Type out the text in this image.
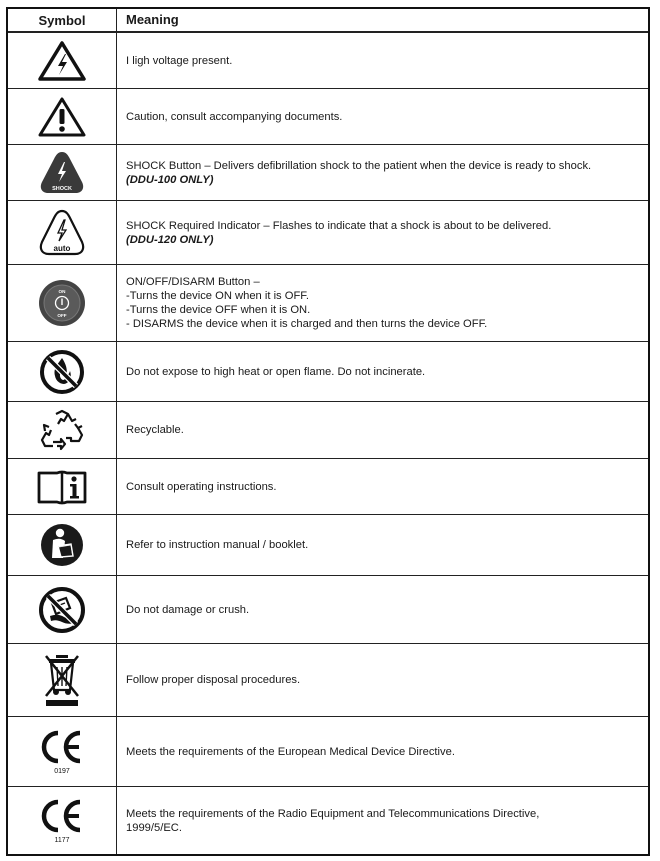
Symbol	Meaning
I ligh voltage present.
Caution, consult accompanying documents.
SHOCK
SHOCK Button – Delivers defibrillation shock to the patient when the device is ready to shock.
(DDU-100 ONLY)
auto
SHOCK Required Indicator – Flashes to indicate that a shock is about to be delivered.
(DDU-120 ONLY)
ON
OFF
ON/OFF/DISARM Button –
-Turns the device ON when it is OFF.
-Turns the device OFF when it is ON.
- DISARMS the device when it is charged and then turns the device OFF.
Do not expose to high heat or open flame. Do not incinerate.
Recyclable.
Consult operating instructions.
Refer to instruction manual / booklet.
Do not damage or crush.
Follow proper disposal procedures.
0197
Meets the requirements of the European Medical Device Directive.
1177
Meets the requirements of the Radio Equipment and Telecommunications Directive,
1999/5/EC.
